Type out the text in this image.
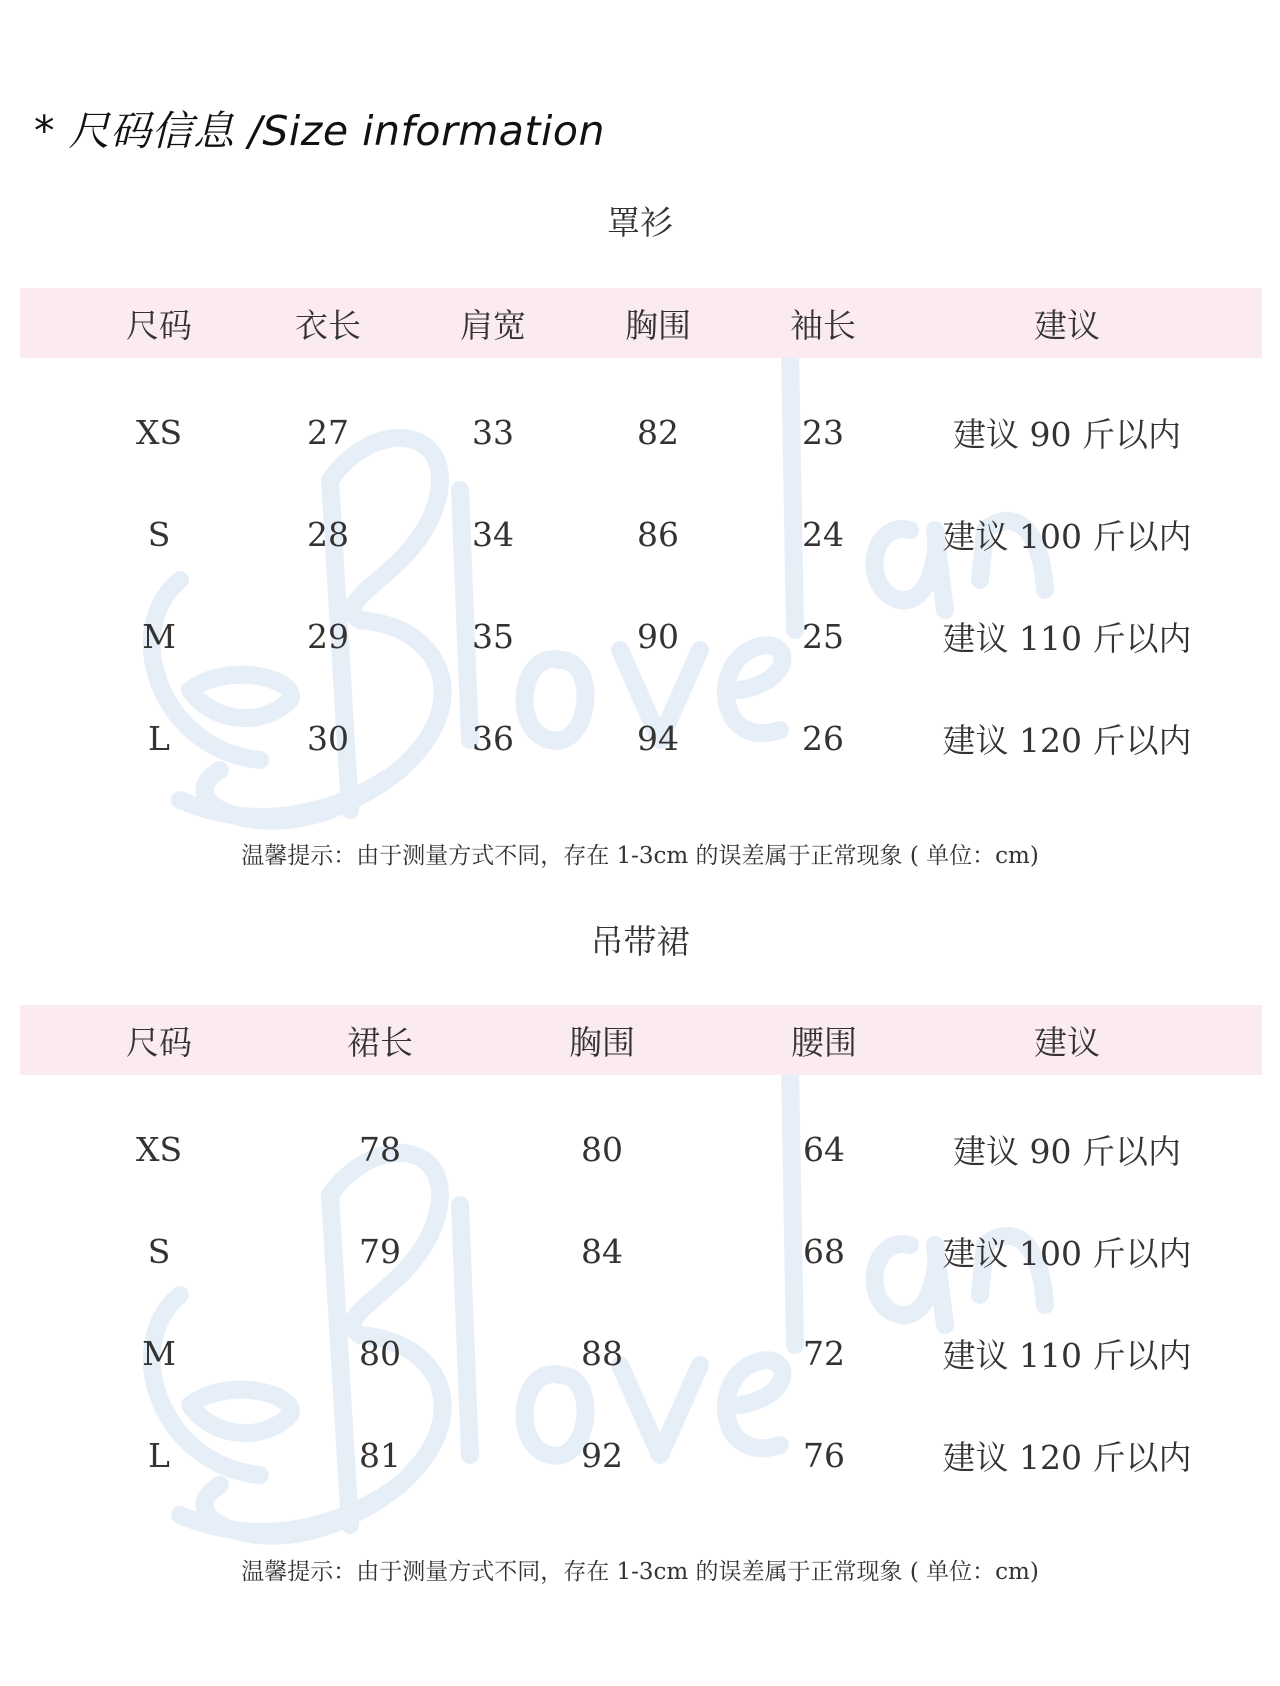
* 尺码信息 /Size information
罩衫
尺码	衣长	肩宽	胸围	袖长	建议
XS	27	33	82	23	建议 90 斤以内
S	28	34	86	24	建议 100 斤以内
M	29	35	90	25	建议 110 斤以内
L	30	36	94	26	建议 120 斤以内

温馨提示：由于测量方式不同，存在 1-3cm 的误差属于正常现象 ( 单位：cm)

吊带裙
尺码	裙长	胸围	腰围	建议
XS	78	80	64	建议 90 斤以内
S	79	84	68	建议 100 斤以内
M	80	88	72	建议 110 斤以内
L	81	92	76	建议 120 斤以内

温馨提示：由于测量方式不同，存在 1-3cm 的误差属于正常现象 ( 单位：cm)
